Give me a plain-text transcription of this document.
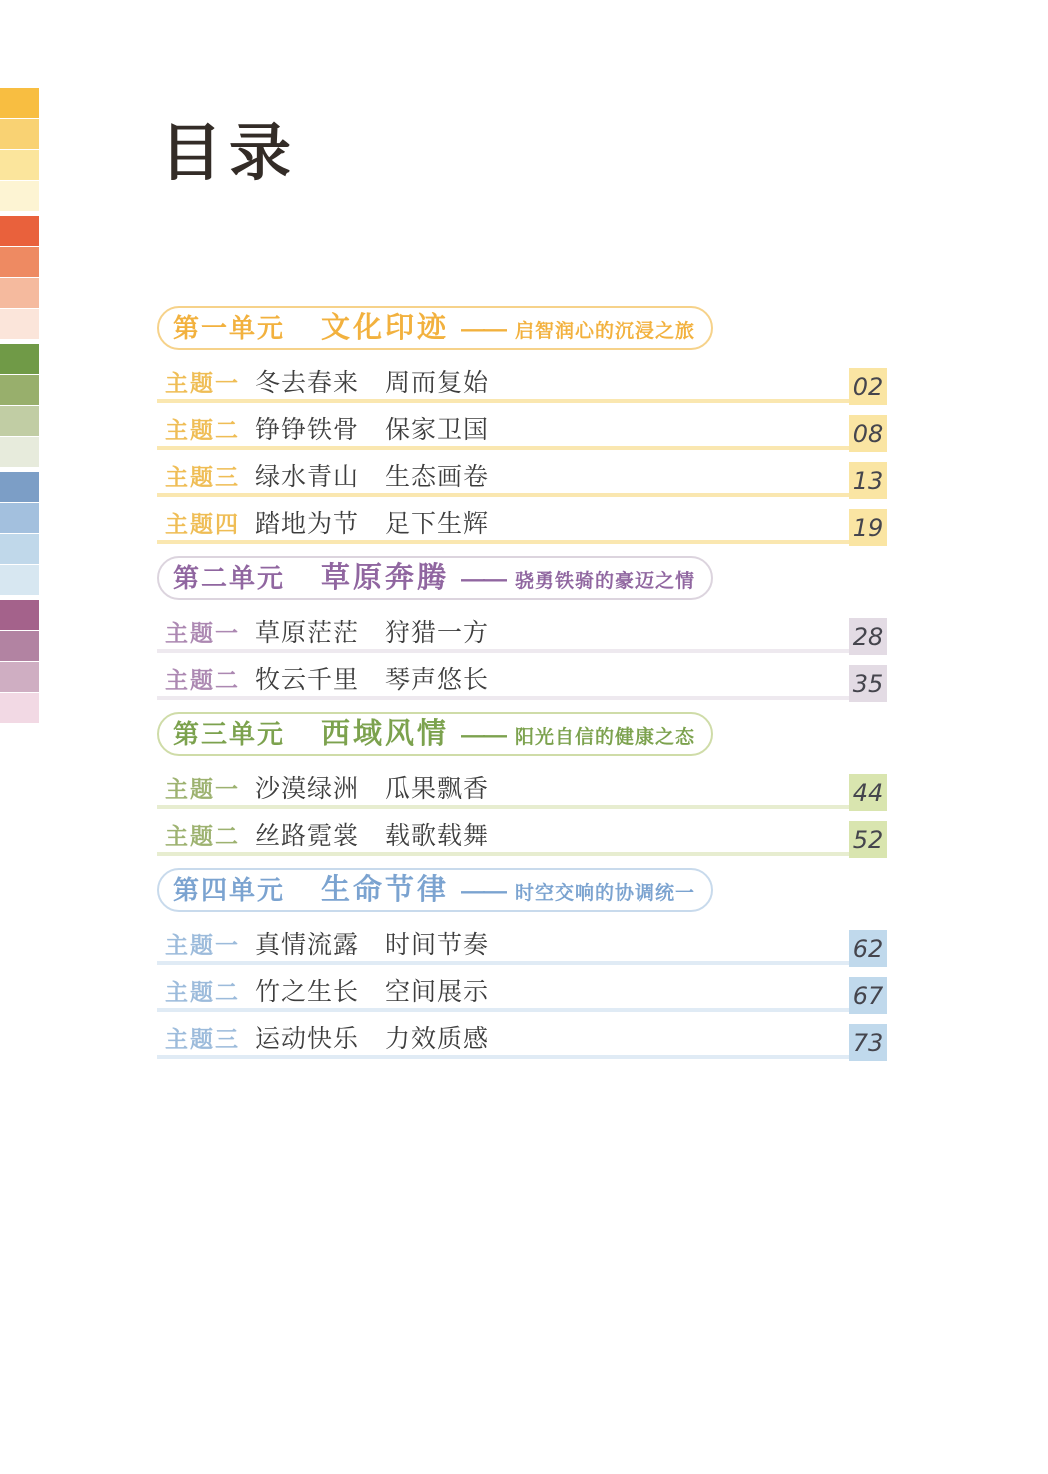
目录
第一单元 文化印迹 —— 启智润心的沉浸之旅
主题一 冬去春来　周而复始	02
主题二 铮铮铁骨　保家卫国	08
主题三 绿水青山　生态画卷	13
主题四 踏地为节　足下生辉	19
第二单元 草原奔腾 —— 骁勇铁骑的豪迈之情
主题一 草原茫茫　狩猎一方	28
主题二 牧云千里　琴声悠长	35
第三单元 西域风情 —— 阳光自信的健康之态
主题一 沙漠绿洲　瓜果飘香	44
主题二 丝路霓裳　载歌载舞	52
第四单元 生命节律 —— 时空交响的协调统一
主题一 真情流露　时间节奏	62
主题二 竹之生长　空间展示	67
主题三 运动快乐　力效质感	73
